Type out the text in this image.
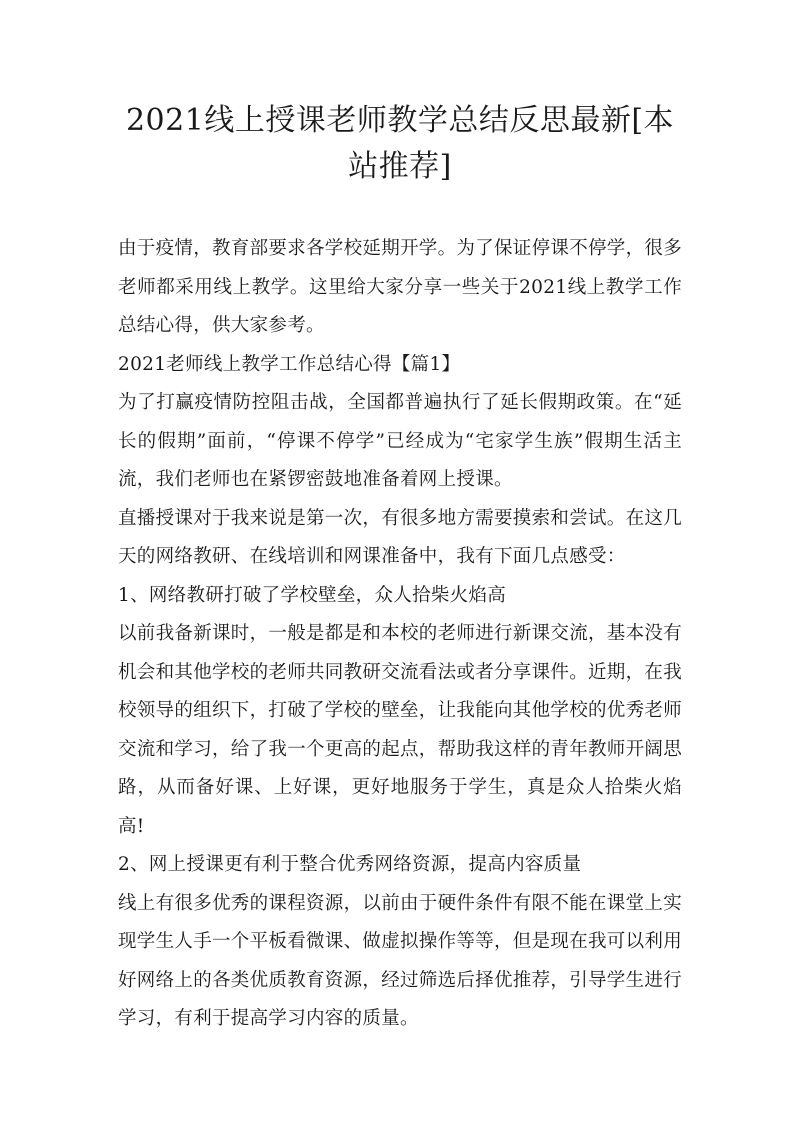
2021线上授课老师教学总结反思最新[本站推荐]

由于疫情，教育部要求各学校延期开学。为了保证停课不停学，很多老师都采用线上教学。这里给大家分享一些关于2021线上教学工作总结心得，供大家参考。

2021老师线上教学工作总结心得【篇1】

为了打赢疫情防控阻击战，全国都普遍执行了延长假期政策。在“延长的假期”面前，“停课不停学”已经成为“宅家学生族”假期生活主流，我们老师也在紧锣密鼓地准备着网上授课。

直播授课对于我来说是第一次，有很多地方需要摸索和尝试。在这几天的网络教研、在线培训和网课准备中，我有下面几点感受：

1、网络教研打破了学校壁垒，众人拾柴火焰高

以前我备新课时，一般是都是和本校的老师进行新课交流，基本没有机会和其他学校的老师共同教研交流看法或者分享课件。近期，在我校领导的组织下，打破了学校的壁垒，让我能向其他学校的优秀老师交流和学习，给了我一个更高的起点，帮助我这样的青年教师开阔思路，从而备好课、上好课，更好地服务于学生，真是众人拾柴火焰高!

2、网上授课更有利于整合优秀网络资源，提高内容质量

线上有很多优秀的课程资源，以前由于硬件条件有限不能在课堂上实现学生人手一个平板看微课、做虚拟操作等等，但是现在我可以利用好网络上的各类优质教育资源，经过筛选后择优推荐，引导学生进行学习，有利于提高学习内容的质量。
